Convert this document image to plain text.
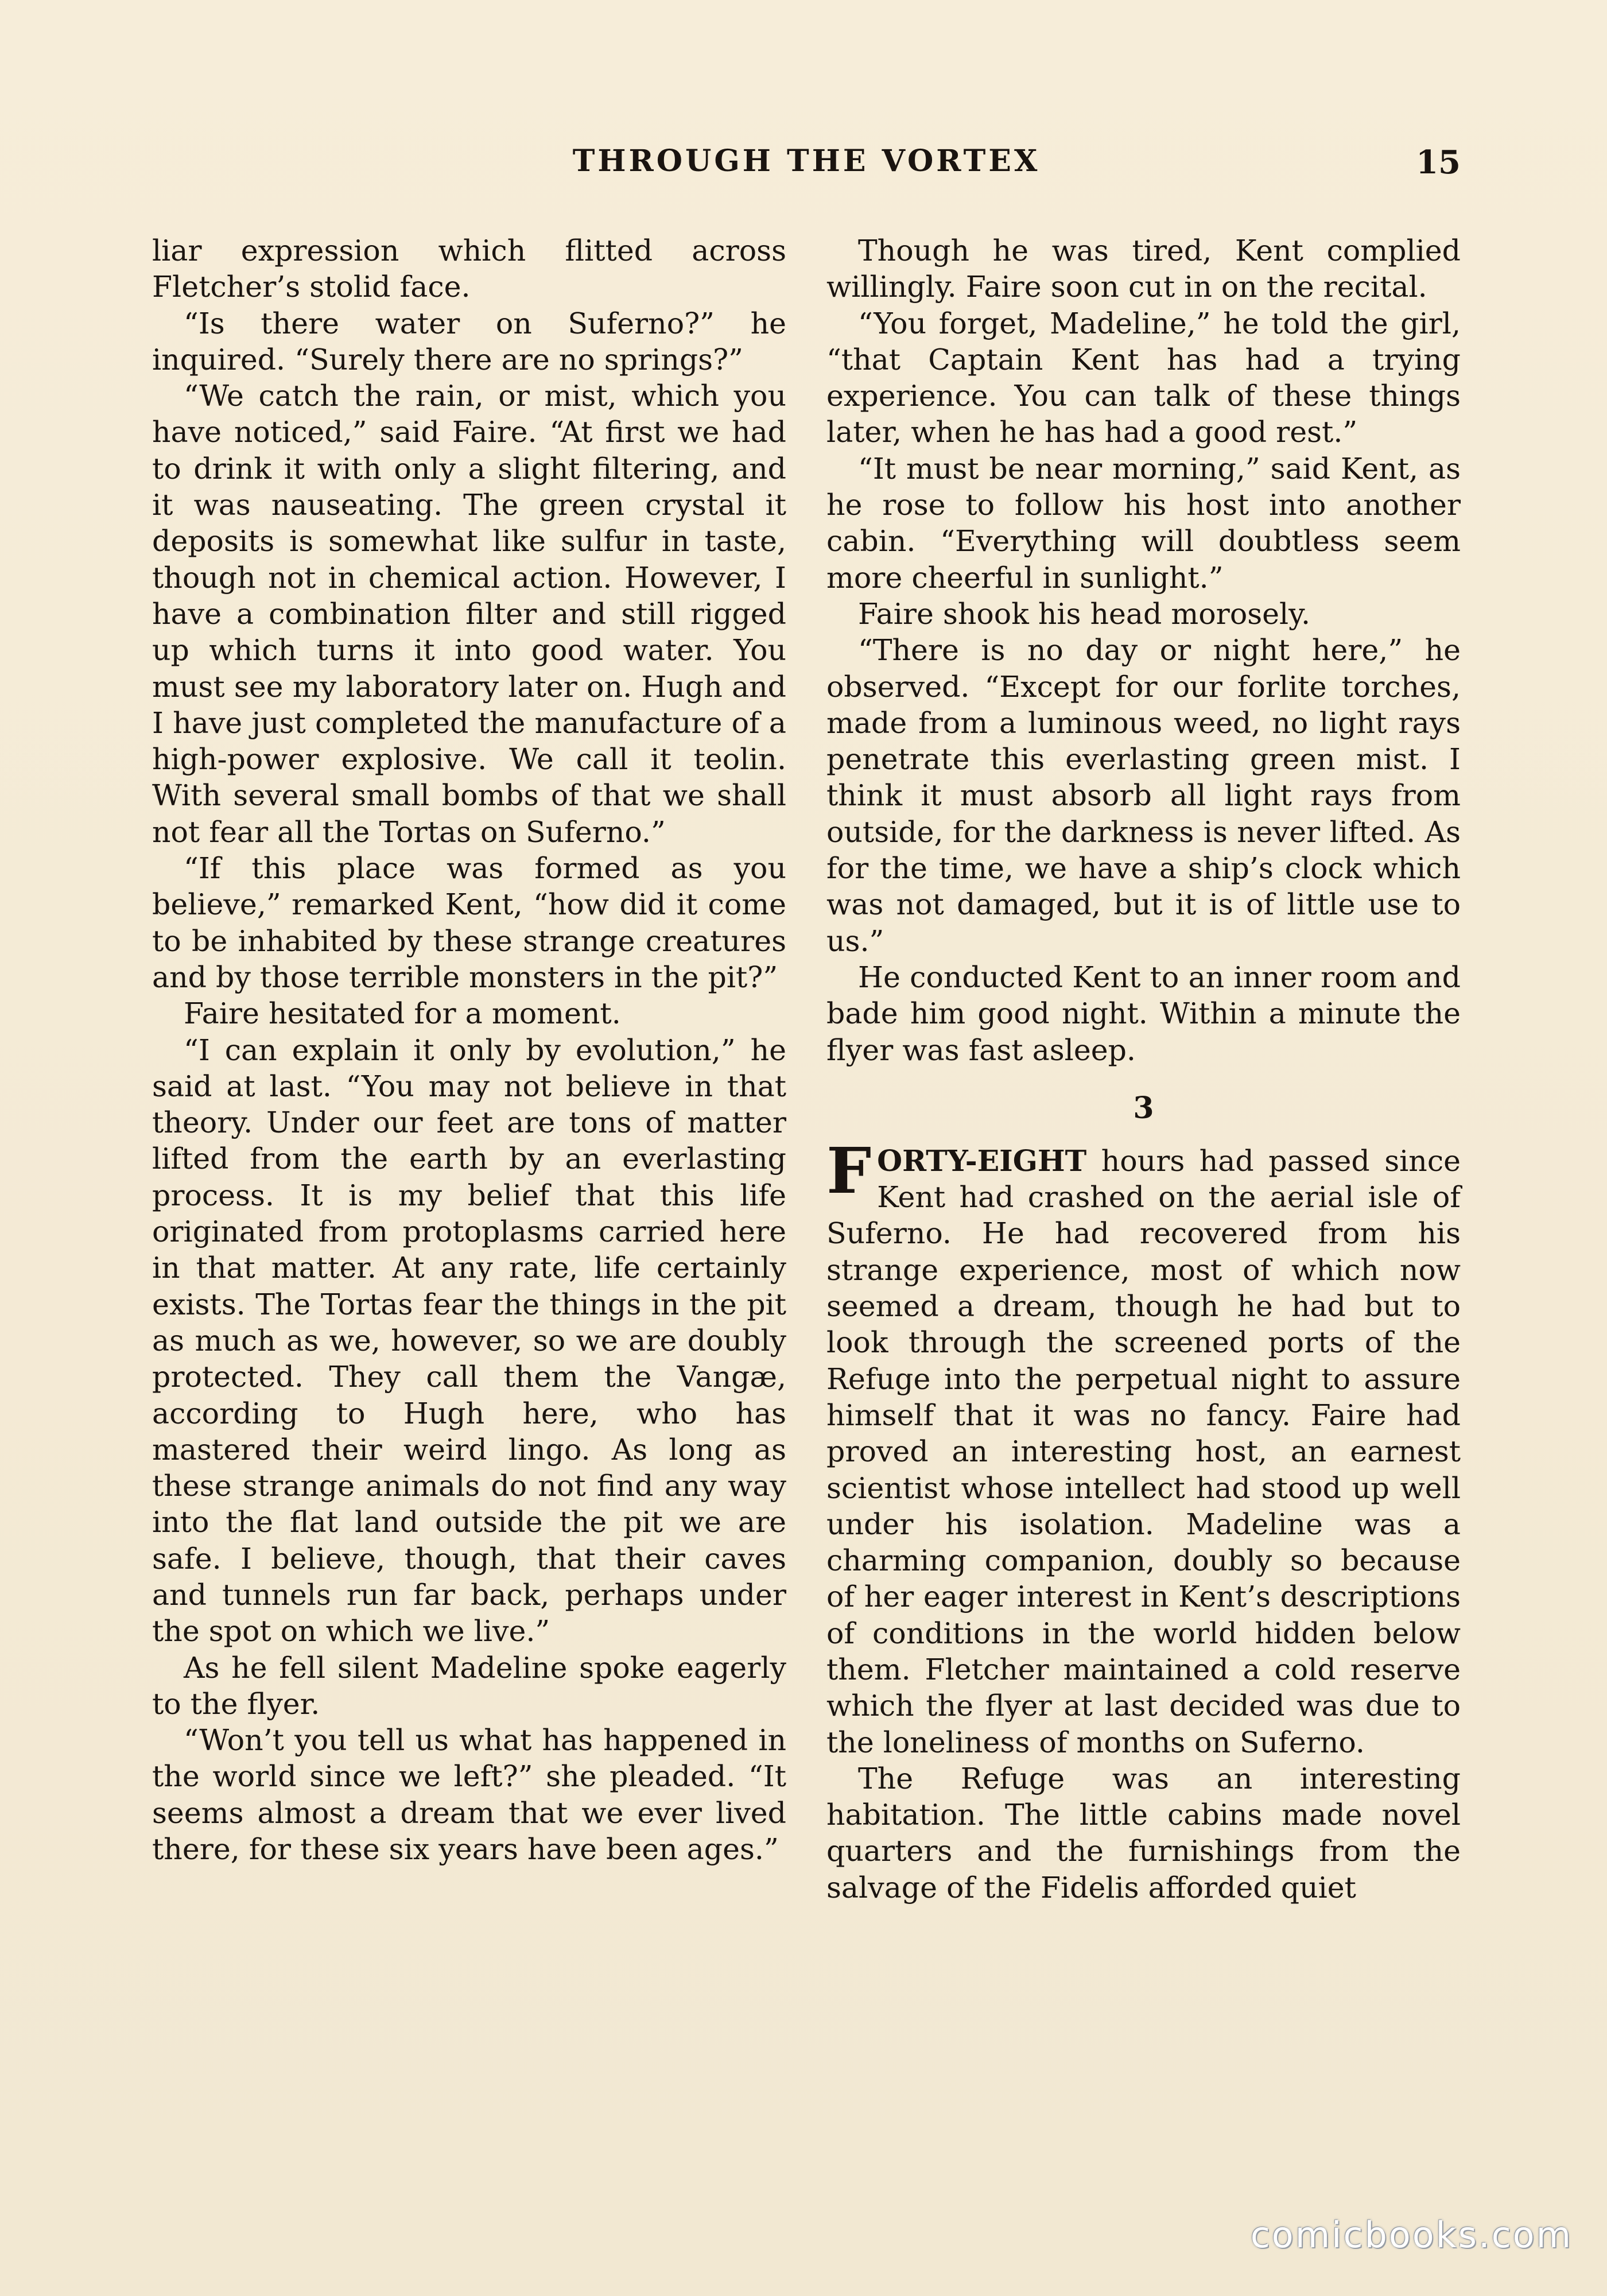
THROUGH THE VORTEX	15

liar expression which flitted across Fletcher’s stolid face.

“Is there water on Suferno?” he inquired. “Surely there are no springs?”

“We catch the rain, or mist, which you have noticed,” said Faire. “At first we had to drink it with only a slight filtering, and it was nauseating. The green crystal it deposits is somewhat like sulfur in taste, though not in chemical action. However, I have a combination filter and still rigged up which turns it into good water. You must see my laboratory later on. Hugh and I have just completed the manufacture of a high-power explosive. We call it teolin. With several small bombs of that we shall not fear all the Tortas on Suferno.”

“If this place was formed as you believe,” remarked Kent, “how did it come to be inhabited by these strange creatures and by those terrible monsters in the pit?”

Faire hesitated for a moment.

“I can explain it only by evolution,” he said at last. “You may not believe in that theory. Under our feet are tons of matter lifted from the earth by an everlasting process. It is my belief that this life originated from protoplasms carried here in that matter. At any rate, life certainly exists. The Tortas fear the things in the pit as much as we, however, so we are doubly protected. They call them the Vangæ, according to Hugh here, who has mastered their weird lingo. As long as these strange animals do not find any way into the flat land outside the pit we are safe. I believe, though, that their caves and tunnels run far back, perhaps under the spot on which we live.”

As he fell silent Madeline spoke eagerly to the flyer.

“Won’t you tell us what has happened in the world since we left?” she pleaded. “It seems almost a dream that we ever lived there, for these six years have been ages.”

Though he was tired, Kent complied willingly. Faire soon cut in on the recital.

“You forget, Madeline,” he told the girl, “that Captain Kent has had a trying experience. You can talk of these things later, when he has had a good rest.”

“It must be near morning,” said Kent, as he rose to follow his host into another cabin. “Everything will doubtless seem more cheerful in sunlight.”

Faire shook his head morosely.

“There is no day or night here,” he observed. “Except for our forlite torches, made from a luminous weed, no light rays penetrate this everlasting green mist. I think it must absorb all light rays from outside, for the darkness is never lifted. As for the time, we have a ship’s clock which was not damaged, but it is of little use to us.”

He conducted Kent to an inner room and bade him good night. Within a minute the flyer was fast asleep.

3

FORTY-EIGHT hours had passed since Kent had crashed on the aerial isle of Suferno. He had recovered from his strange experience, most of which now seemed a dream, though he had but to look through the screened ports of the Refuge into the perpetual night to assure himself that it was no fancy. Faire had proved an interesting host, an earnest scientist whose intellect had stood up well under his isolation. Madeline was a charming companion, doubly so because of her eager interest in Kent’s descriptions of conditions in the world hidden below them. Fletcher maintained a cold reserve which the flyer at last decided was due to the loneliness of months on Suferno.

The Refuge was an interesting habitation. The little cabins made novel quarters and the furnishings from the salvage of the Fidelis afforded quiet

comicbooks.com
